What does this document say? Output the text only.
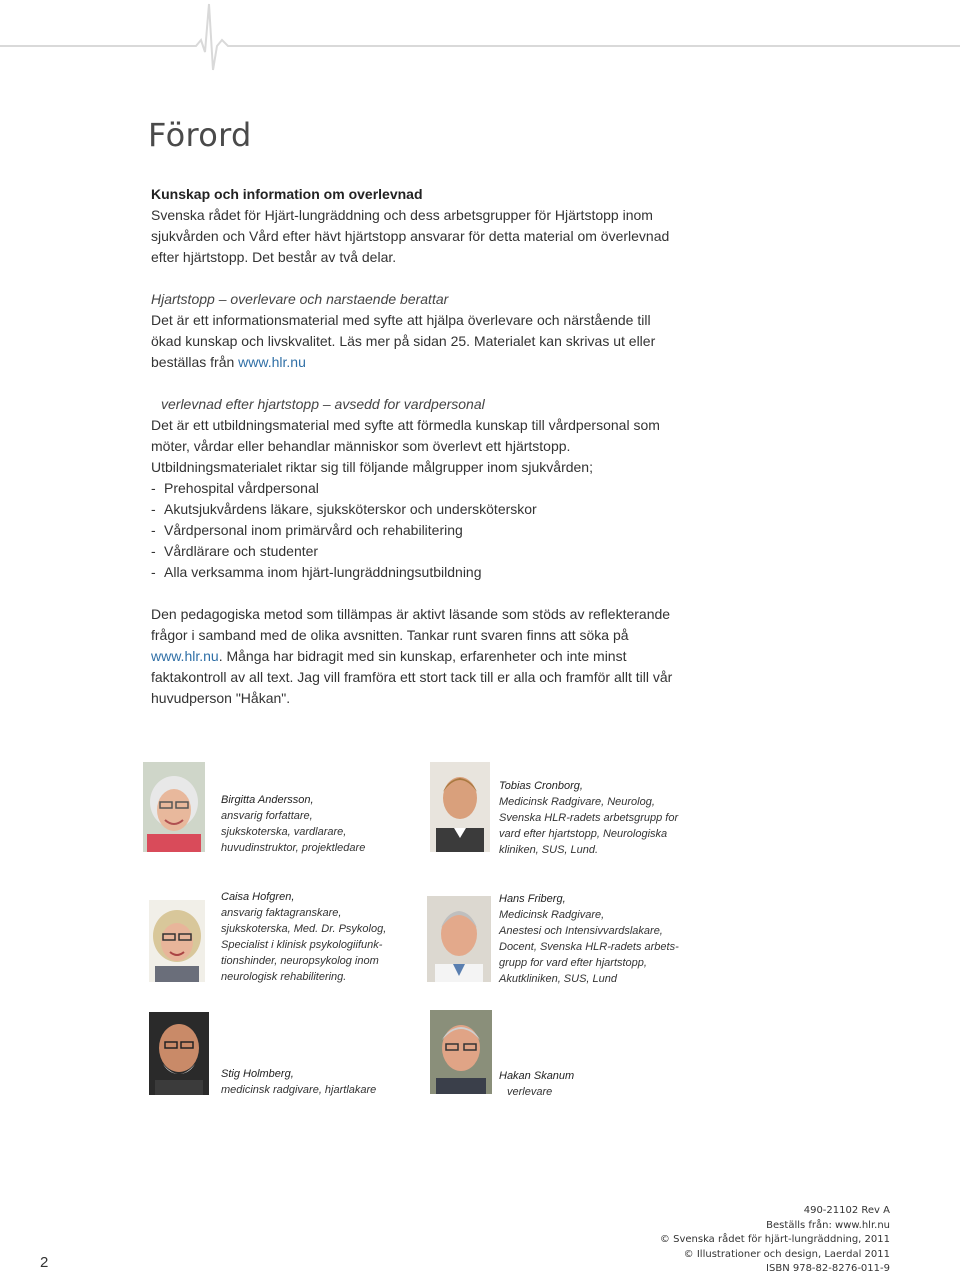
Förord

Kunskap och information om overlevnad

Svenska rådet för Hjärt-lungräddning och dess arbetsgrupper för Hjärtstopp inom sjukvården och Vård efter hävt hjärtstopp ansvarar för detta material om överlevnad efter hjärtstopp. Det består av två delar.

Hjartstopp – overlevare och narstaende berattar

Det är ett informationsmaterial med syfte att hjälpa överlevare och närstående till ökad kunskap och livskvalitet. Läs mer på sidan 25. Materialet kan skrivas ut eller beställas från www.hlr.nu

verlevnad efter hjartstopp – avsedd for vardpersonal

Det är ett utbildningsmaterial med syfte att förmedla kunskap till vårdpersonal som möter, vårdar eller behandlar människor som överlevt ett hjärtstopp. Utbildningsmaterialet riktar sig till följande målgrupper inom sjukvården;

- Prehospital vårdpersonal
- Akutsjukvårdens läkare, sjuksköterskor och undersköterskor
- Vårdpersonal inom primärvård och rehabilitering
- Vårdlärare och studenter
- Alla verksamma inom hjärt-lungräddningsutbildning

Den pedagogiska metod som tillämpas är aktivt läsande som stöds av reflekterande frågor i samband med de olika avsnitten. Tankar runt svaren finns att söka på www.hlr.nu. Många har bidragit med sin kunskap, erfarenheter och inte minst faktakontroll av all text. Jag vill framföra ett stort tack till er alla och framför allt till vår huvudperson "Håkan".

Birgitta Andersson,
ansvarig forfattare,
sjukskoterska, vardlarare,
huvudinstruktor, projektledare
Tobias Cronborg,
Medicinsk Radgivare, Neurolog,
Svenska HLR-radets arbetsgrupp for
vard efter hjartstopp, Neurologiska
kliniken, SUS, Lund.
Caisa Hofgren,
ansvarig faktagranskare,
sjukskoterska, Med. Dr. Psykolog,
Specialist i klinisk psykologiifunk-
tionshinder, neuropsykolog inom
neurologisk rehabilitering.
Hans Friberg,
Medicinsk Radgivare,
Anestesi och Intensivvardslakare,
Docent, Svenska HLR-radets arbets-
grupp for vard efter hjartstopp,
Akutkliniken, SUS, Lund
Stig Holmberg,
medicinsk radgivare, hjartlakare
Hakan Skanum
verlevare
2
490-21102 Rev A
Beställs från: www.hlr.nu
© Svenska rådet för hjärt-lungräddning, 2011
© Illustrationer och design, Laerdal 2011
ISBN 978-82-8276-011-9
